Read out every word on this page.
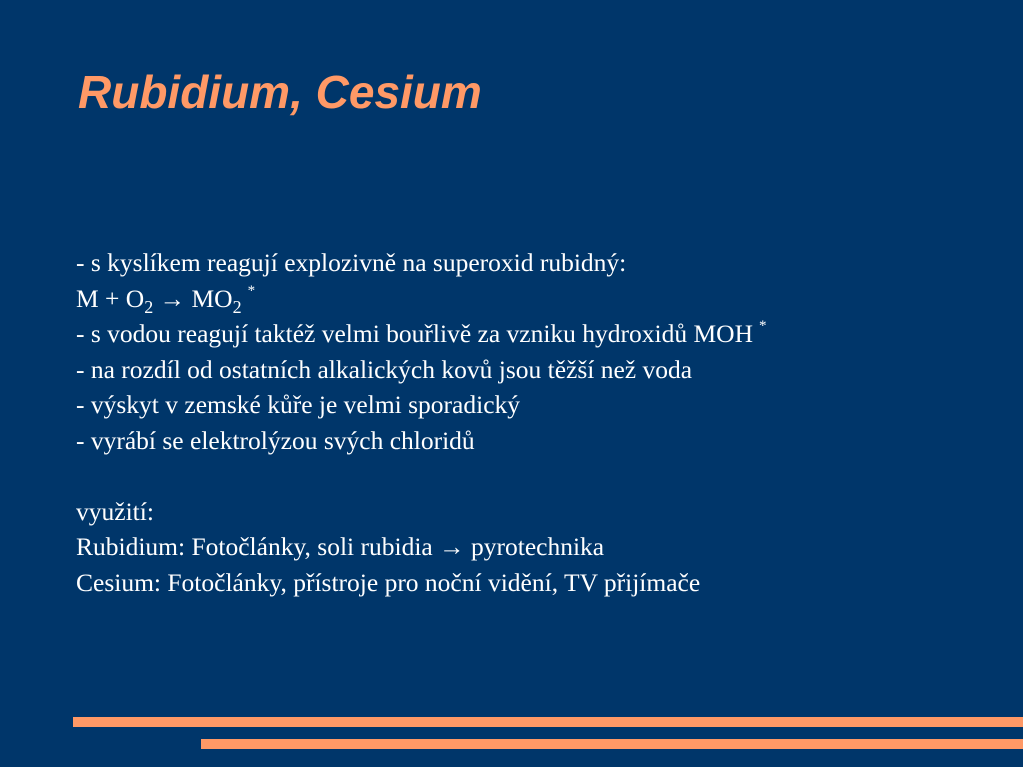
Rubidium, Cesium
- s kyslíkem reagují explozivně na superoxid rubidný:
$M + O_2 \to MO_2^*$
- s vodou reagují taktéž velmi bouřlivě za vzniku hydroxidů MOH *
- na rozdíl od ostatních alkalických kovů jsou těžší než voda
- výskyt v zemské kůře je velmi sporadický
- vyrábí se elektrolýzou svých chloridů
využití:
Rubidium: Fotočlánky, soli rubidia → pyrotechnika
Cesium: Fotočlánky, přístroje pro noční vidění, TV přijímače
